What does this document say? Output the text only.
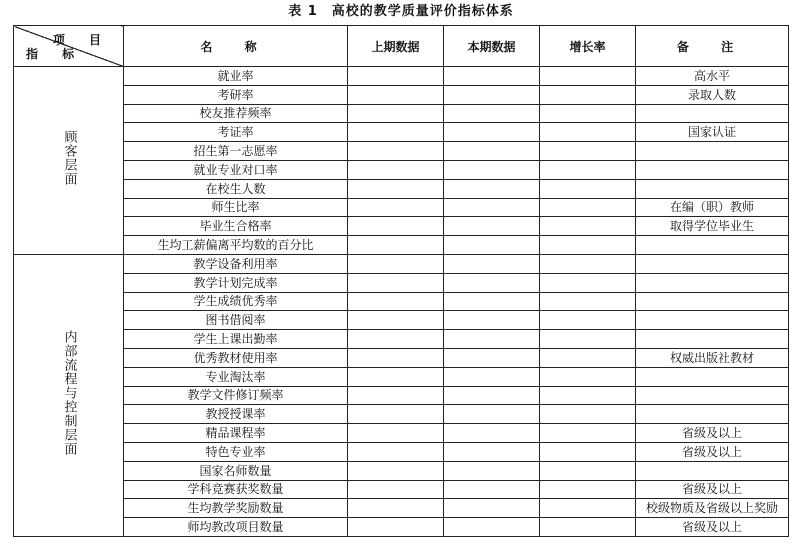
表 1　高校的教学质量评价指标体系
项 目
指 标	名 称	上期数据	本期数据	增长率	备 注
顾客层面	就业率				高水平
	考研率				录取人数
	校友推荐频率				
	考证率				国家认证
	招生第一志愿率				
	就业专业对口率				
	在校生人数				
	师生比率				在编（职）教师
	毕业生合格率				取得学位毕业生
	生均工薪偏离平均数的百分比				
内部流程与控制层面	教学设备利用率				
	教学计划完成率				
	学生成绩优秀率				
	图书借阅率				
	学生上课出勤率				
	优秀教材使用率				权威出版社教材
	专业淘汰率				
	教学文件修订频率				
	教授授课率				
	精品课程率				省级及以上
	特色专业率				省级及以上
	国家名师数量				
	学科竞赛获奖数量				省级及以上
	生均教学奖励数量				校级物质及省级以上奖励
	师均教改项目数量				省级及以上
